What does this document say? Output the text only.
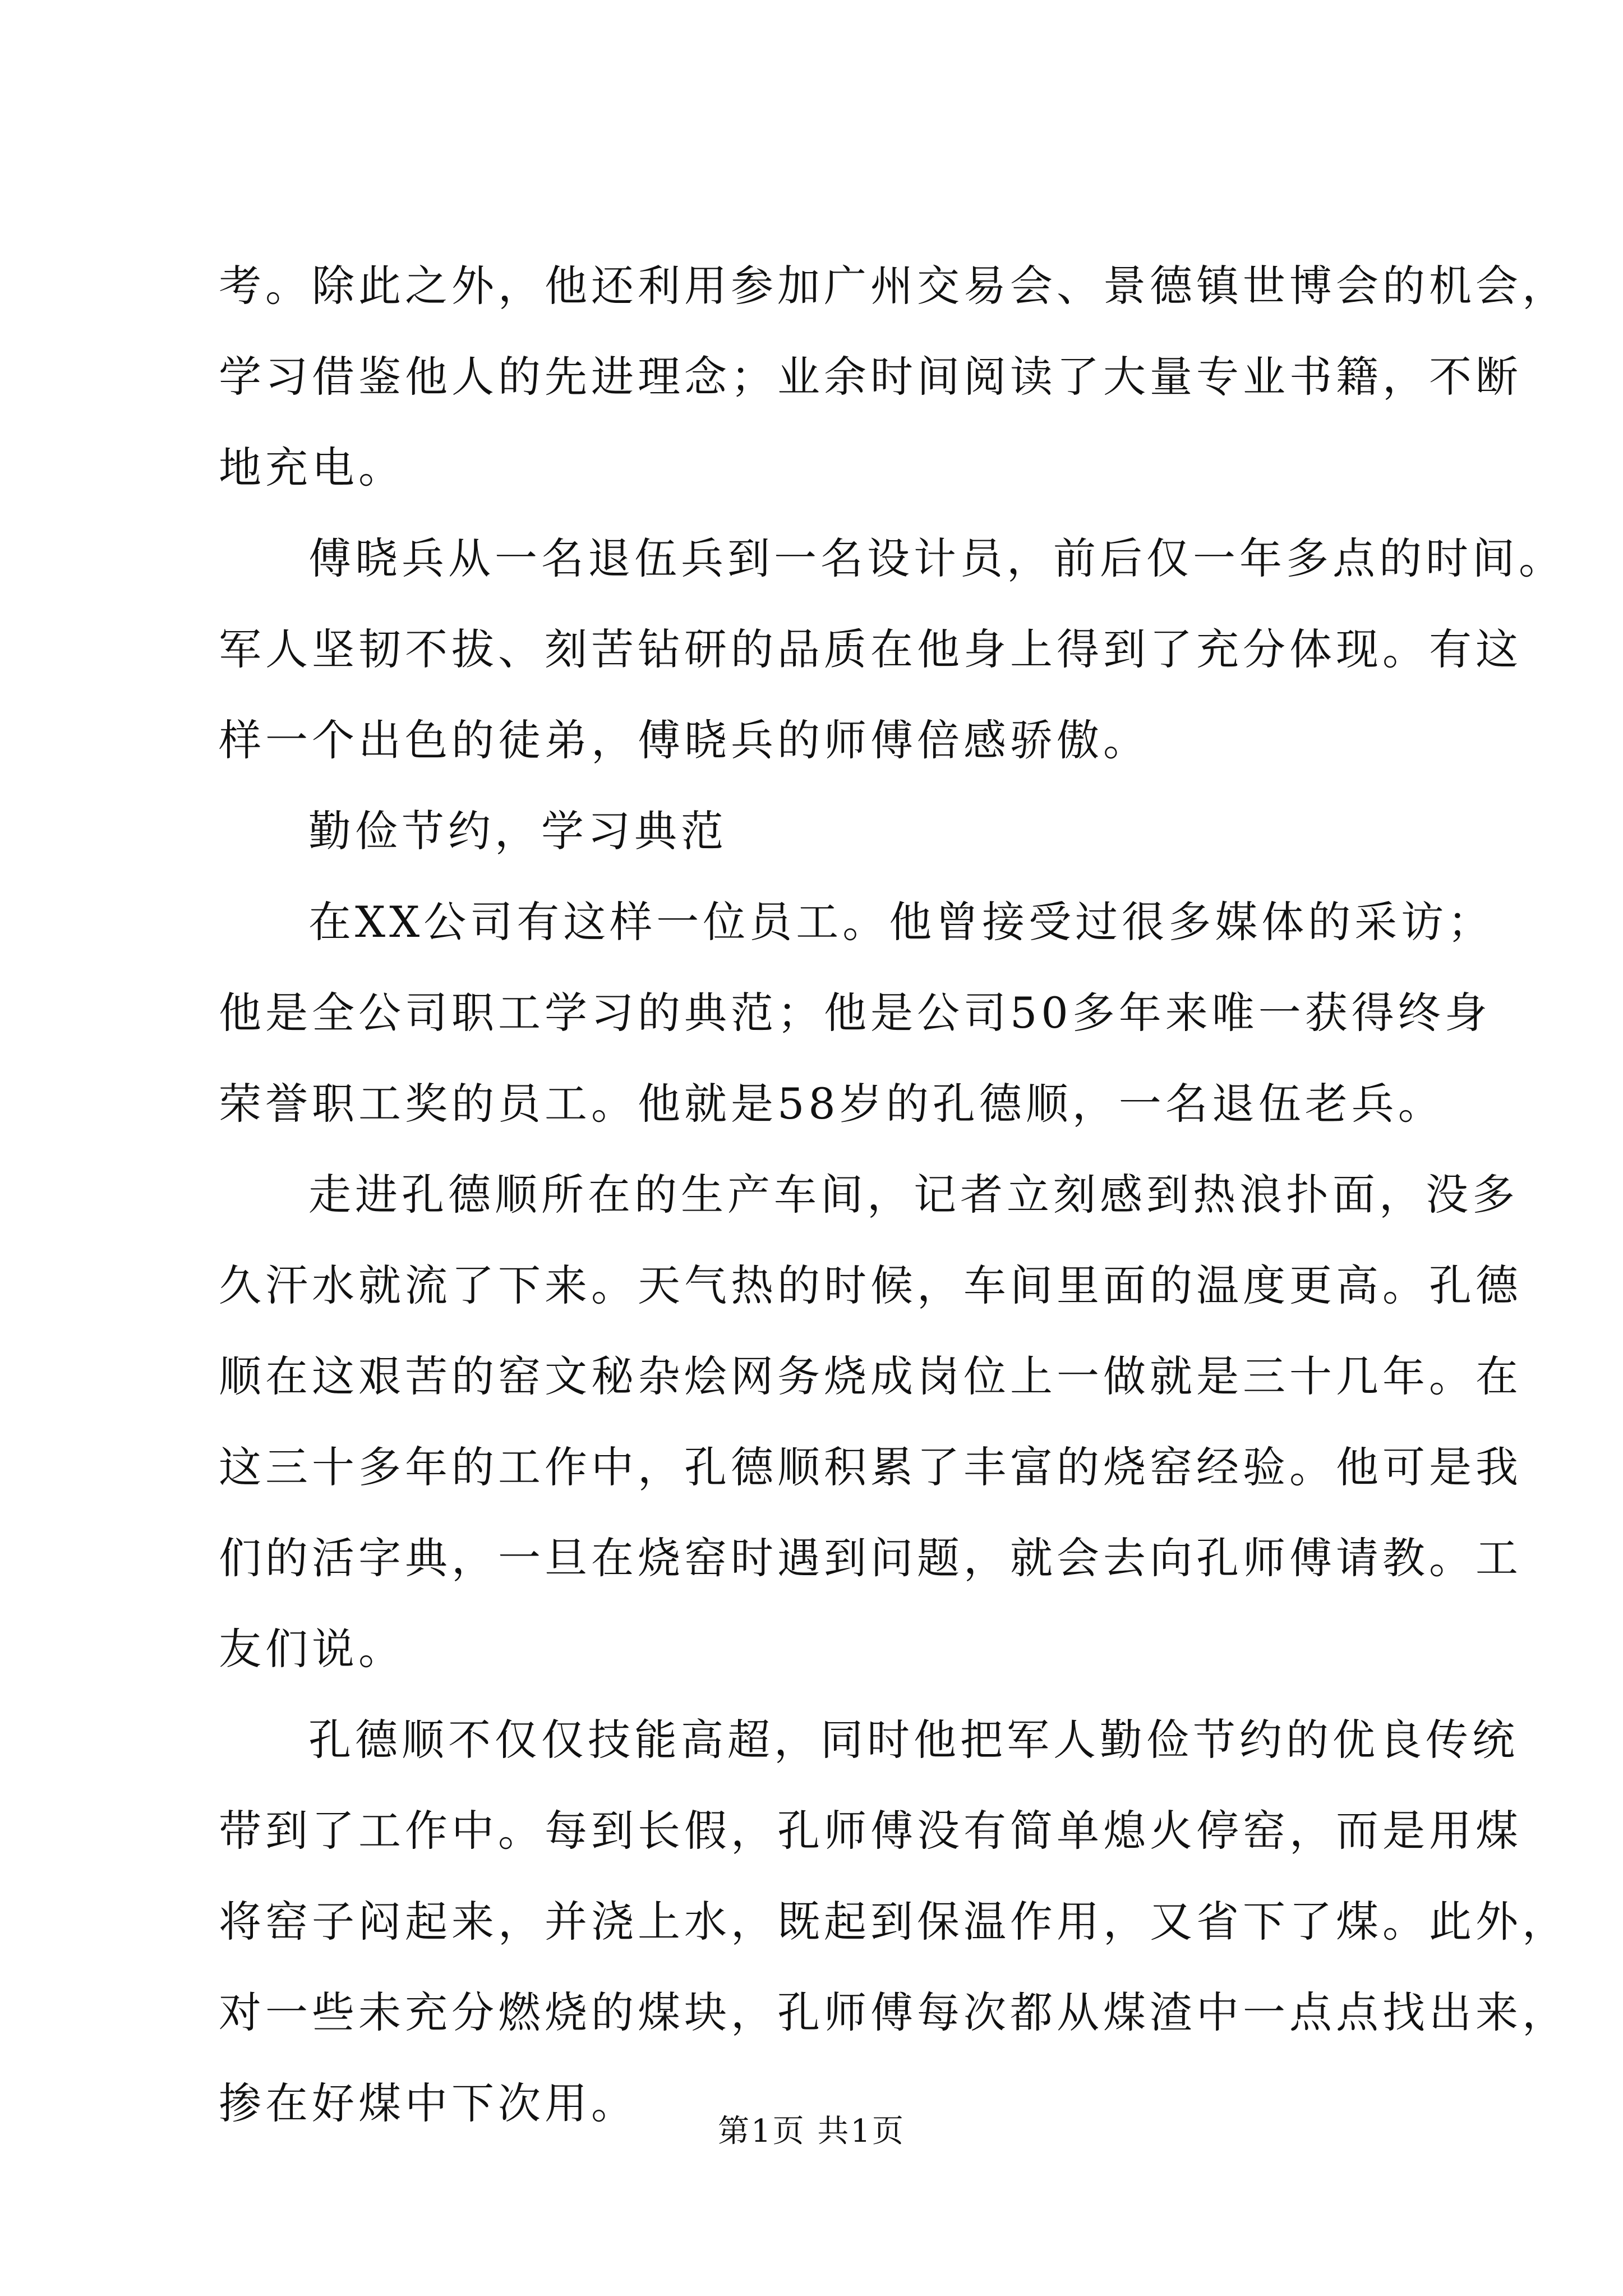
考。除此之外，他还利用参加广州交易会、景德镇世博会的机会，
学习借鉴他人的先进理念；业余时间阅读了大量专业书籍，不断
地充电。
傅晓兵从一名退伍兵到一名设计员，前后仅一年多点的时间。
军人坚韧不拔、刻苦钻研的品质在他身上得到了充分体现。有这
样一个出色的徒弟，傅晓兵的师傅倍感骄傲。
勤俭节约，学习典范
在XX公司有这样一位员工。他曾接受过很多媒体的采访；
他是全公司职工学习的典范；他是公司50多年来唯一获得终身
荣誉职工奖的员工。他就是58岁的孔德顺，一名退伍老兵。
走进孔德顺所在的生产车间，记者立刻感到热浪扑面，没多
久汗水就流了下来。天气热的时候，车间里面的温度更高。孔德
顺在这艰苦的窑文秘杂烩网务烧成岗位上一做就是三十几年。在
这三十多年的工作中，孔德顺积累了丰富的烧窑经验。他可是我
们的活字典，一旦在烧窑时遇到问题，就会去向孔师傅请教。工
友们说。
孔德顺不仅仅技能高超，同时他把军人勤俭节约的优良传统
带到了工作中。每到长假，孔师傅没有简单熄火停窑，而是用煤
将窑子闷起来，并浇上水，既起到保温作用，又省下了煤。此外，
对一些未充分燃烧的煤块，孔师傅每次都从煤渣中一点点找出来，
掺在好煤中下次用。
第1页 共1页
